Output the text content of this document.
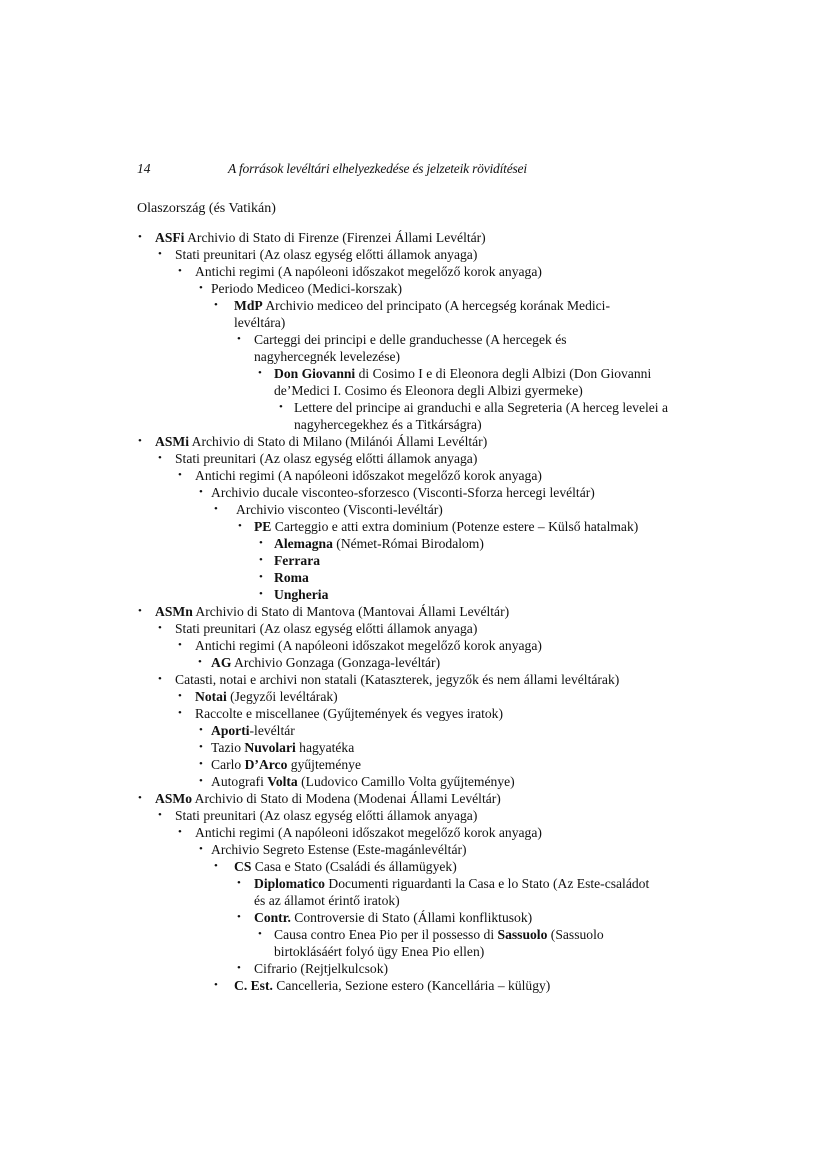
14	A források levéltári elhelyezkedése és jelzeteik rövidítései
Olaszország (és Vatikán)
• ASFi Archivio di Stato di Firenze (Firenzei Állami Levéltár)
• Stati preunitari (Az olasz egység előtti államok anyaga)
• Antichi regimi (A napóleoni időszakot megelőző korok anyaga)
• Periodo Mediceo (Medici-korszak)
• MdP Archivio mediceo del principato (A hercegség korának Medici-levéltára)
• Carteggi dei principi e delle granduchesse (A hercegek és nagyhercegnék levelezése)
• Don Giovanni di Cosimo I e di Eleonora degli Albizi (Don Giovanni de’Medici I. Cosimo és Eleonora degli Albizi gyermeke)
• Lettere del principe ai granduchi e alla Segreteria (A herceg levelei a nagyhercegekhez és a Titkárságra)
• ASMi Archivio di Stato di Milano (Milánói Állami Levéltár)
• Stati preunitari (Az olasz egység előtti államok anyaga)
• Antichi regimi (A napóleoni időszakot megelőző korok anyaga)
• Archivio ducale visconteo-sforzesco (Visconti-Sforza hercegi levéltár)
• Archivio visconteo (Visconti-levéltár)
• PE Carteggio e atti extra dominium (Potenze estere – Külső hatalmak)
• Alemagna (Német-Római Birodalom)
• Ferrara
• Roma
• Ungheria
• ASMn Archivio di Stato di Mantova (Mantovai Állami Levéltár)
• Stati preunitari (Az olasz egység előtti államok anyaga)
• Antichi regimi (A napóleoni időszakot megelőző korok anyaga)
• AG Archivio Gonzaga (Gonzaga-levéltár)
• Catasti, notai e archivi non statali (Kataszterek, jegyzők és nem állami levéltárak)
• Notai (Jegyzői levéltárak)
• Raccolte e miscellanee (Gyűjtemények és vegyes iratok)
• Aporti-levéltár
• Tazio Nuvolari hagyatéka
• Carlo D’Arco gyűjteménye
• Autografi Volta (Ludovico Camillo Volta gyűjteménye)
• ASMo Archivio di Stato di Modena (Modenai Állami Levéltár)
• Stati preunitari (Az olasz egység előtti államok anyaga)
• Antichi regimi (A napóleoni időszakot megelőző korok anyaga)
• Archivio Segreto Estense (Este-magánlevéltár)
• CS Casa e Stato (Családi és államügyek)
• Diplomatico Documenti riguardanti la Casa e lo Stato (Az Este-családot és az államot érintő iratok)
• Contr. Controversie di Stato (Állami konfliktusok)
• Causa contro Enea Pio per il possesso di Sassuolo (Sassuolo birtoklásáért folyó ügy Enea Pio ellen)
• Cifrario (Rejtjelkulcsok)
• C. Est. Cancelleria, Sezione estero (Kancellária – külügy)
